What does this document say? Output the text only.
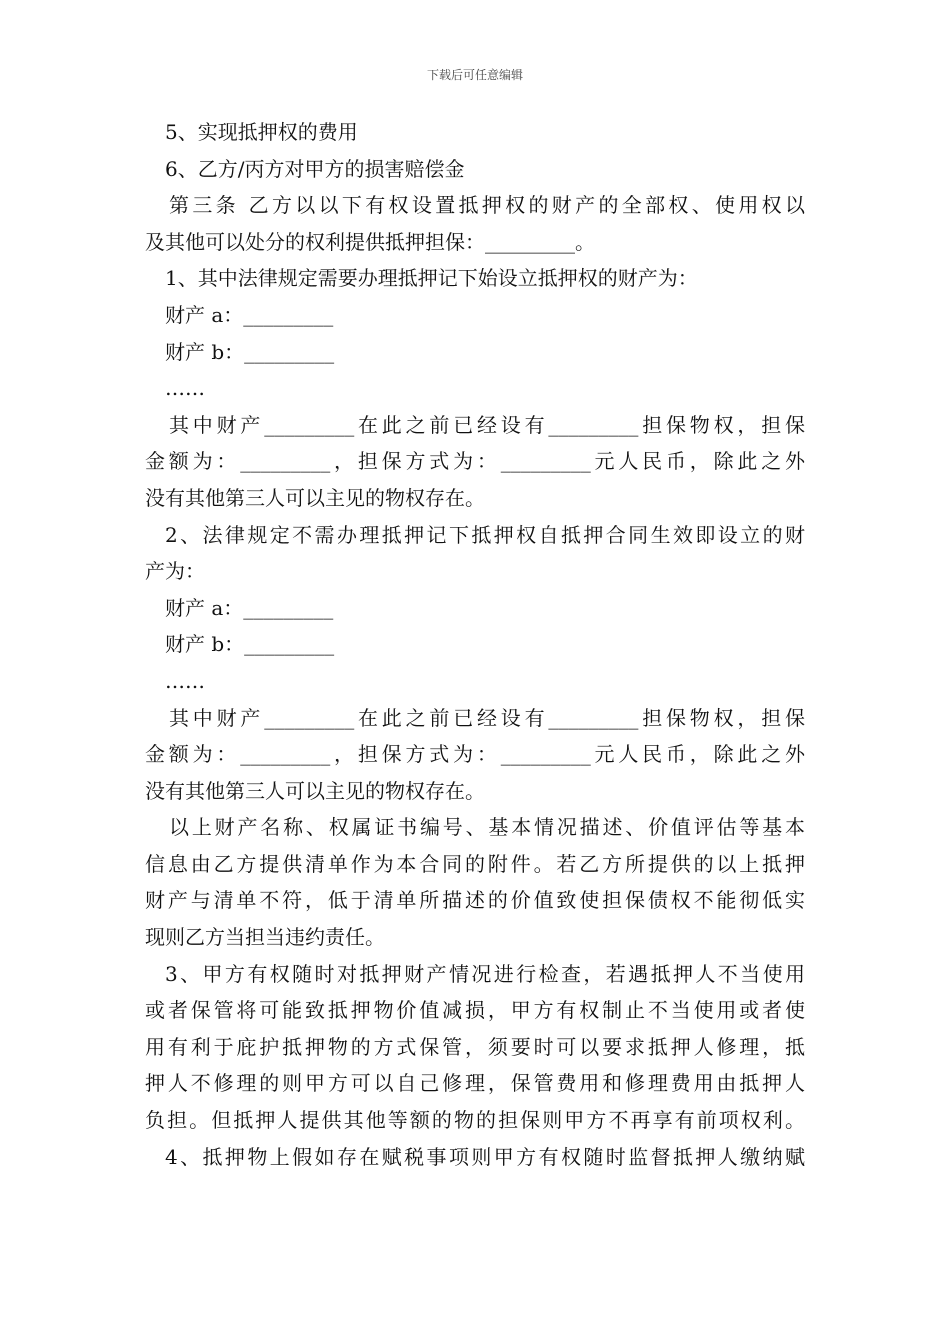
下载后可任意编辑
5、实现抵押权的费用
6、乙方/丙方对甲方的损害赔偿金
第三条 乙方以以下有权设置抵押权的财产的全部权、使用权以
及其他可以处分的权利提供抵押担保：_________。
1、其中法律规定需要办理抵押记下始设立抵押权的财产为：
财产 a：_________
财产 b：_________
……
其中财产_________在此之前已经设有_________担保物权，担保
金额为：_________，担保方式为：_________元人民币，除此之外
没有其他第三人可以主见的物权存在。
2、法律规定不需办理抵押记下抵押权自抵押合同生效即设立的财
产为：
财产 a：_________
财产 b：_________
……
其中财产_________在此之前已经设有_________担保物权，担保
金额为：_________，担保方式为：_________元人民币，除此之外
没有其他第三人可以主见的物权存在。
以上财产名称、权属证书编号、基本情况描述、价值评估等基本
信息由乙方提供清单作为本合同的附件。若乙方所提供的以上抵押
财产与清单不符，低于清单所描述的价值致使担保债权不能彻低实
现则乙方当担当违约责任。
3、甲方有权随时对抵押财产情况进行检查，若遇抵押人不当使用
或者保管将可能致抵押物价值减损，甲方有权制止不当使用或者使
用有利于庇护抵押物的方式保管，须要时可以要求抵押人修理，抵
押人不修理的则甲方可以自己修理，保管费用和修理费用由抵押人
负担。但抵押人提供其他等额的物的担保则甲方不再享有前项权利。
4、抵押物上假如存在赋税事项则甲方有权随时监督抵押人缴纳赋
